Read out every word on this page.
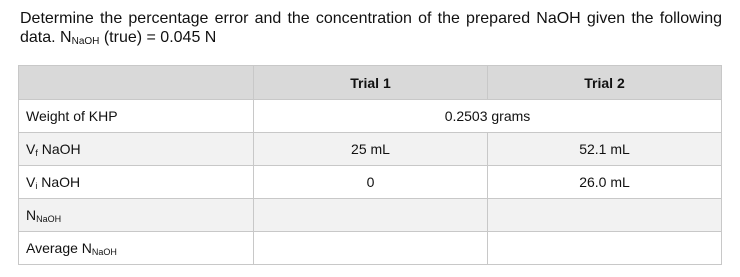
Determine the percentage error and the concentration of the prepared NaOH given the following data. $N_{NaOH}$ (true) = 0.045 N

	Trial 1	Trial 2
Weight of KHP	0.2503 grams	
Vf NaOH	25 mL	52.1 mL
Vi NaOH	0	26.0 mL
NNaOH		
Average NNaOH		
